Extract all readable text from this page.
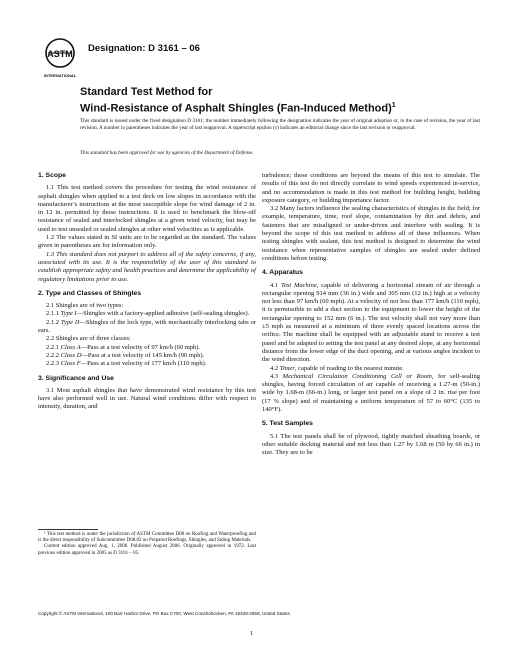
ASTM
INTERNATIONAL
Designation: D 3161 – 06
Standard Test Method for
Wind-Resistance of Asphalt Shingles (Fan-Induced Method)$^1$
This standard is issued under the fixed designation D 3161; the number immediately following the designation indicates the year of original adoption or, in the case of revision, the year of last revision. A number in parentheses indicates the year of last reapproval. A superscript epsilon (ε) indicates an editorial change since the last revision or reapproval.
This standard has been approved for use by agencies of the Department of Defense.
1. Scope

1.1 This test method covers the procedure for testing the wind resistance of asphalt shingles when applied to a test deck on low slopes in accordance with the manufacturer’s instructions at the most susceptible slope for wind damage of 2 in. in 12 in. permitted by those instructions. It is used to benchmark the blow-off resistance of sealed and interlocked shingles at a given wind velocity, but may be used to test unsealed or sealed shingles at other wind velocities as is applicable.

1.2 The values stated in SI units are to be regarded as the standard. The values given in parentheses are for information only.

1.3 This standard does not purport to address all of the safety concerns, if any, associated with its use. It is the responsibility of the user of this standard to establish appropriate safety and health practices and determine the applicability of regulatory limitations prior to use.

2. Type and Classes of Shingles

2.1 Shingles are of two types:

2.1.1 Type I—Shingles with a factory-applied adhesive (self-sealing shingles).

2.1.2 Type II—Shingles of the lock type, with mechanically interlocking tabs or ears.

2.2 Shingles are of three classes:

2.2.1 Class A—Pass at a test velocity of 97 km/h (60 mph).

2.2.2 Class D—Pass at a test velocity of 145 km/h (90 mph).

2.2.3 Class F—Pass at a test velocity of 177 km/h (110 mph).

3. Significance and Use

3.1 Most asphalt shingles that have demonstrated wind resistance by this test have also performed well in use. Natural wind conditions differ with respect to intensity, duration, and

¹ This test method is under the jurisdiction of ASTM Committee D08 on Roofing and Waterproofing and is the direct responsibility of Subcommittee D08.02 on Prepared Roofings, Shingles, and Siding Materials.

Current edition approved Aug. 1, 2006. Published August 2006. Originally approved in 1972. Last previous edition approved in 2005 as D 3161 – 05.

turbulence; these conditions are beyond the means of this test to simulate. The results of this test do not directly correlate to wind speeds experienced in-service, and no accommodation is made in this test method for building height, building exposure category, or building importance factor.

3.2 Many factors influence the sealing characteristics of shingles in the field; for example, temperature, time, roof slope, contamination by dirt and debris, and fasteners that are misaligned or under-driven and interfere with sealing. It is beyond the scope of this test method to address all of these influences. When testing shingles with sealant, this test method is designed to determine the wind resistance when representative samples of shingles are sealed under defined conditions before testing.

4. Apparatus

4.1 Test Machine, capable of delivering a horizontal stream of air through a rectangular opening 914 mm (36 in.) wide and 305 mm (12 in.) high at a velocity not less than 97 km/h (60 mph). At a velocity of not less than 177 km/h (110 mph), it is permissible to add a duct section to the equipment to lower the height of the rectangular opening to 152 mm (6 in.). The test velocity shall not vary more than ±5 mph as measured at a minimum of three evenly spaced locations across the orifice. The machine shall be equipped with an adjustable stand to receive a test panel and be adapted to setting the test panel at any desired slope, at any horizontal distance from the lower edge of the duct opening, and at various angles incident to the wind direction.

4.2 Timer, capable of reading to the nearest minute.

4.3 Mechanical Circulation Conditioning Cell or Room, for self-sealing shingles, having forced circulation of air capable of receiving a 1.27-m (50-in.) wide by 1.68-m (66-in.) long, or larger test panel on a slope of 2 in. rise per foot (17 % slope) and of maintaining a uniform temperature of 57 to 60°C (135 to 140°F).

5. Test Samples

5.1 The test panels shall be of plywood, tightly matched sheathing boards, or other suitable decking material and not less than 1.27 by 1.68 m (50 by 66 in.) in size. They are to be

Copyright © ASTM International, 100 Barr Harbor Drive, PO Box C700, West Conshohocken, PA 19428-2959, United States.
1
